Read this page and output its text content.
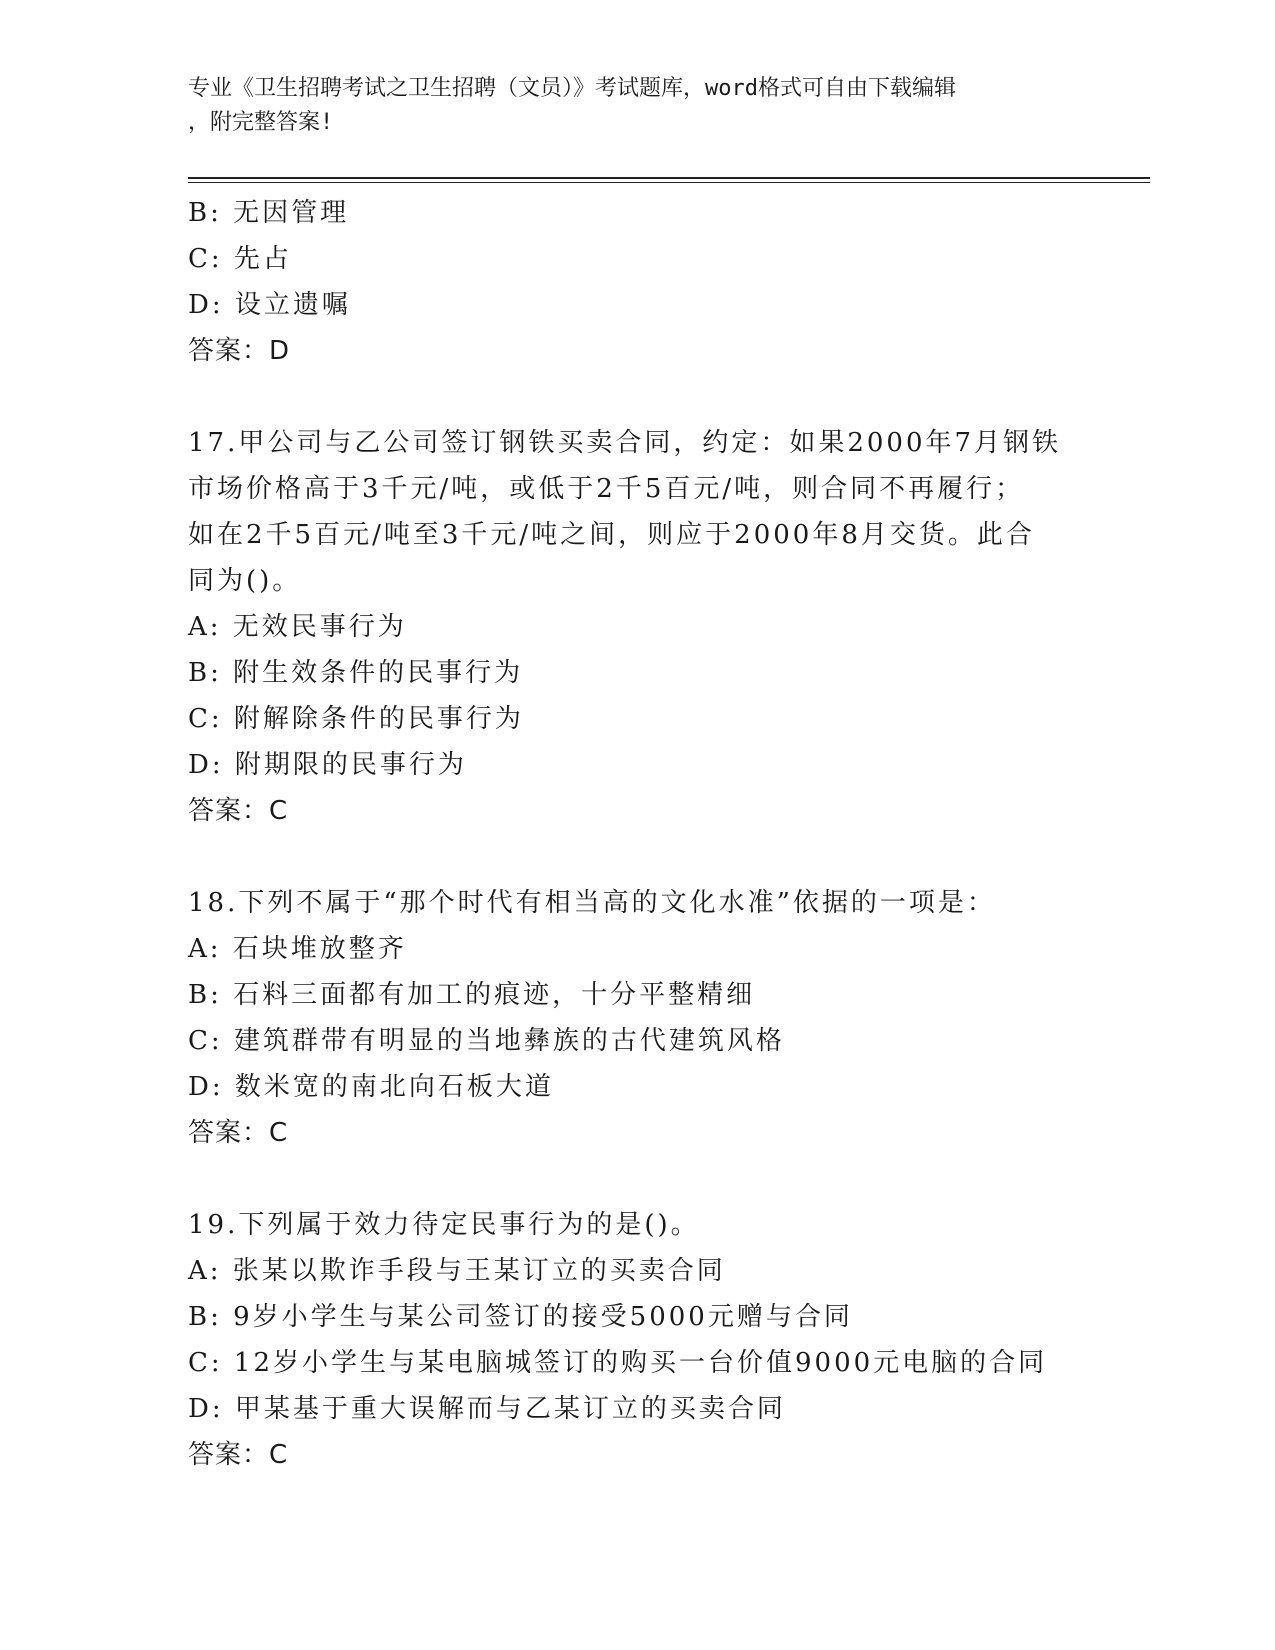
专业《卫生招聘考试之卫生招聘（文员）》考试题库，word格式可自由下载编辑
，附完整答案!
B: 无因管理
C: 先占
D: 设立遗嘱
答案：D
17.甲公司与乙公司签订钢铁买卖合同，约定：如果2000年7月钢铁
市场价格高于3千元/吨，或低于2千5百元/吨，则合同不再履行；
如在2千5百元/吨至3千元/吨之间，则应于2000年8月交货。此合
同为()。
A: 无效民事行为
B: 附生效条件的民事行为
C: 附解除条件的民事行为
D: 附期限的民事行为
答案：C
18.下列不属于“那个时代有相当高的文化水准”依据的一项是：
A: 石块堆放整齐
B: 石料三面都有加工的痕迹，十分平整精细
C: 建筑群带有明显的当地彝族的古代建筑风格
D: 数米宽的南北向石板大道
答案：C
19.下列属于效力待定民事行为的是()。
A: 张某以欺诈手段与王某订立的买卖合同
B: 9岁小学生与某公司签订的接受5000元赠与合同
C: 12岁小学生与某电脑城签订的购买一台价值9000元电脑的合同
D: 甲某基于重大误解而与乙某订立的买卖合同
答案：C
